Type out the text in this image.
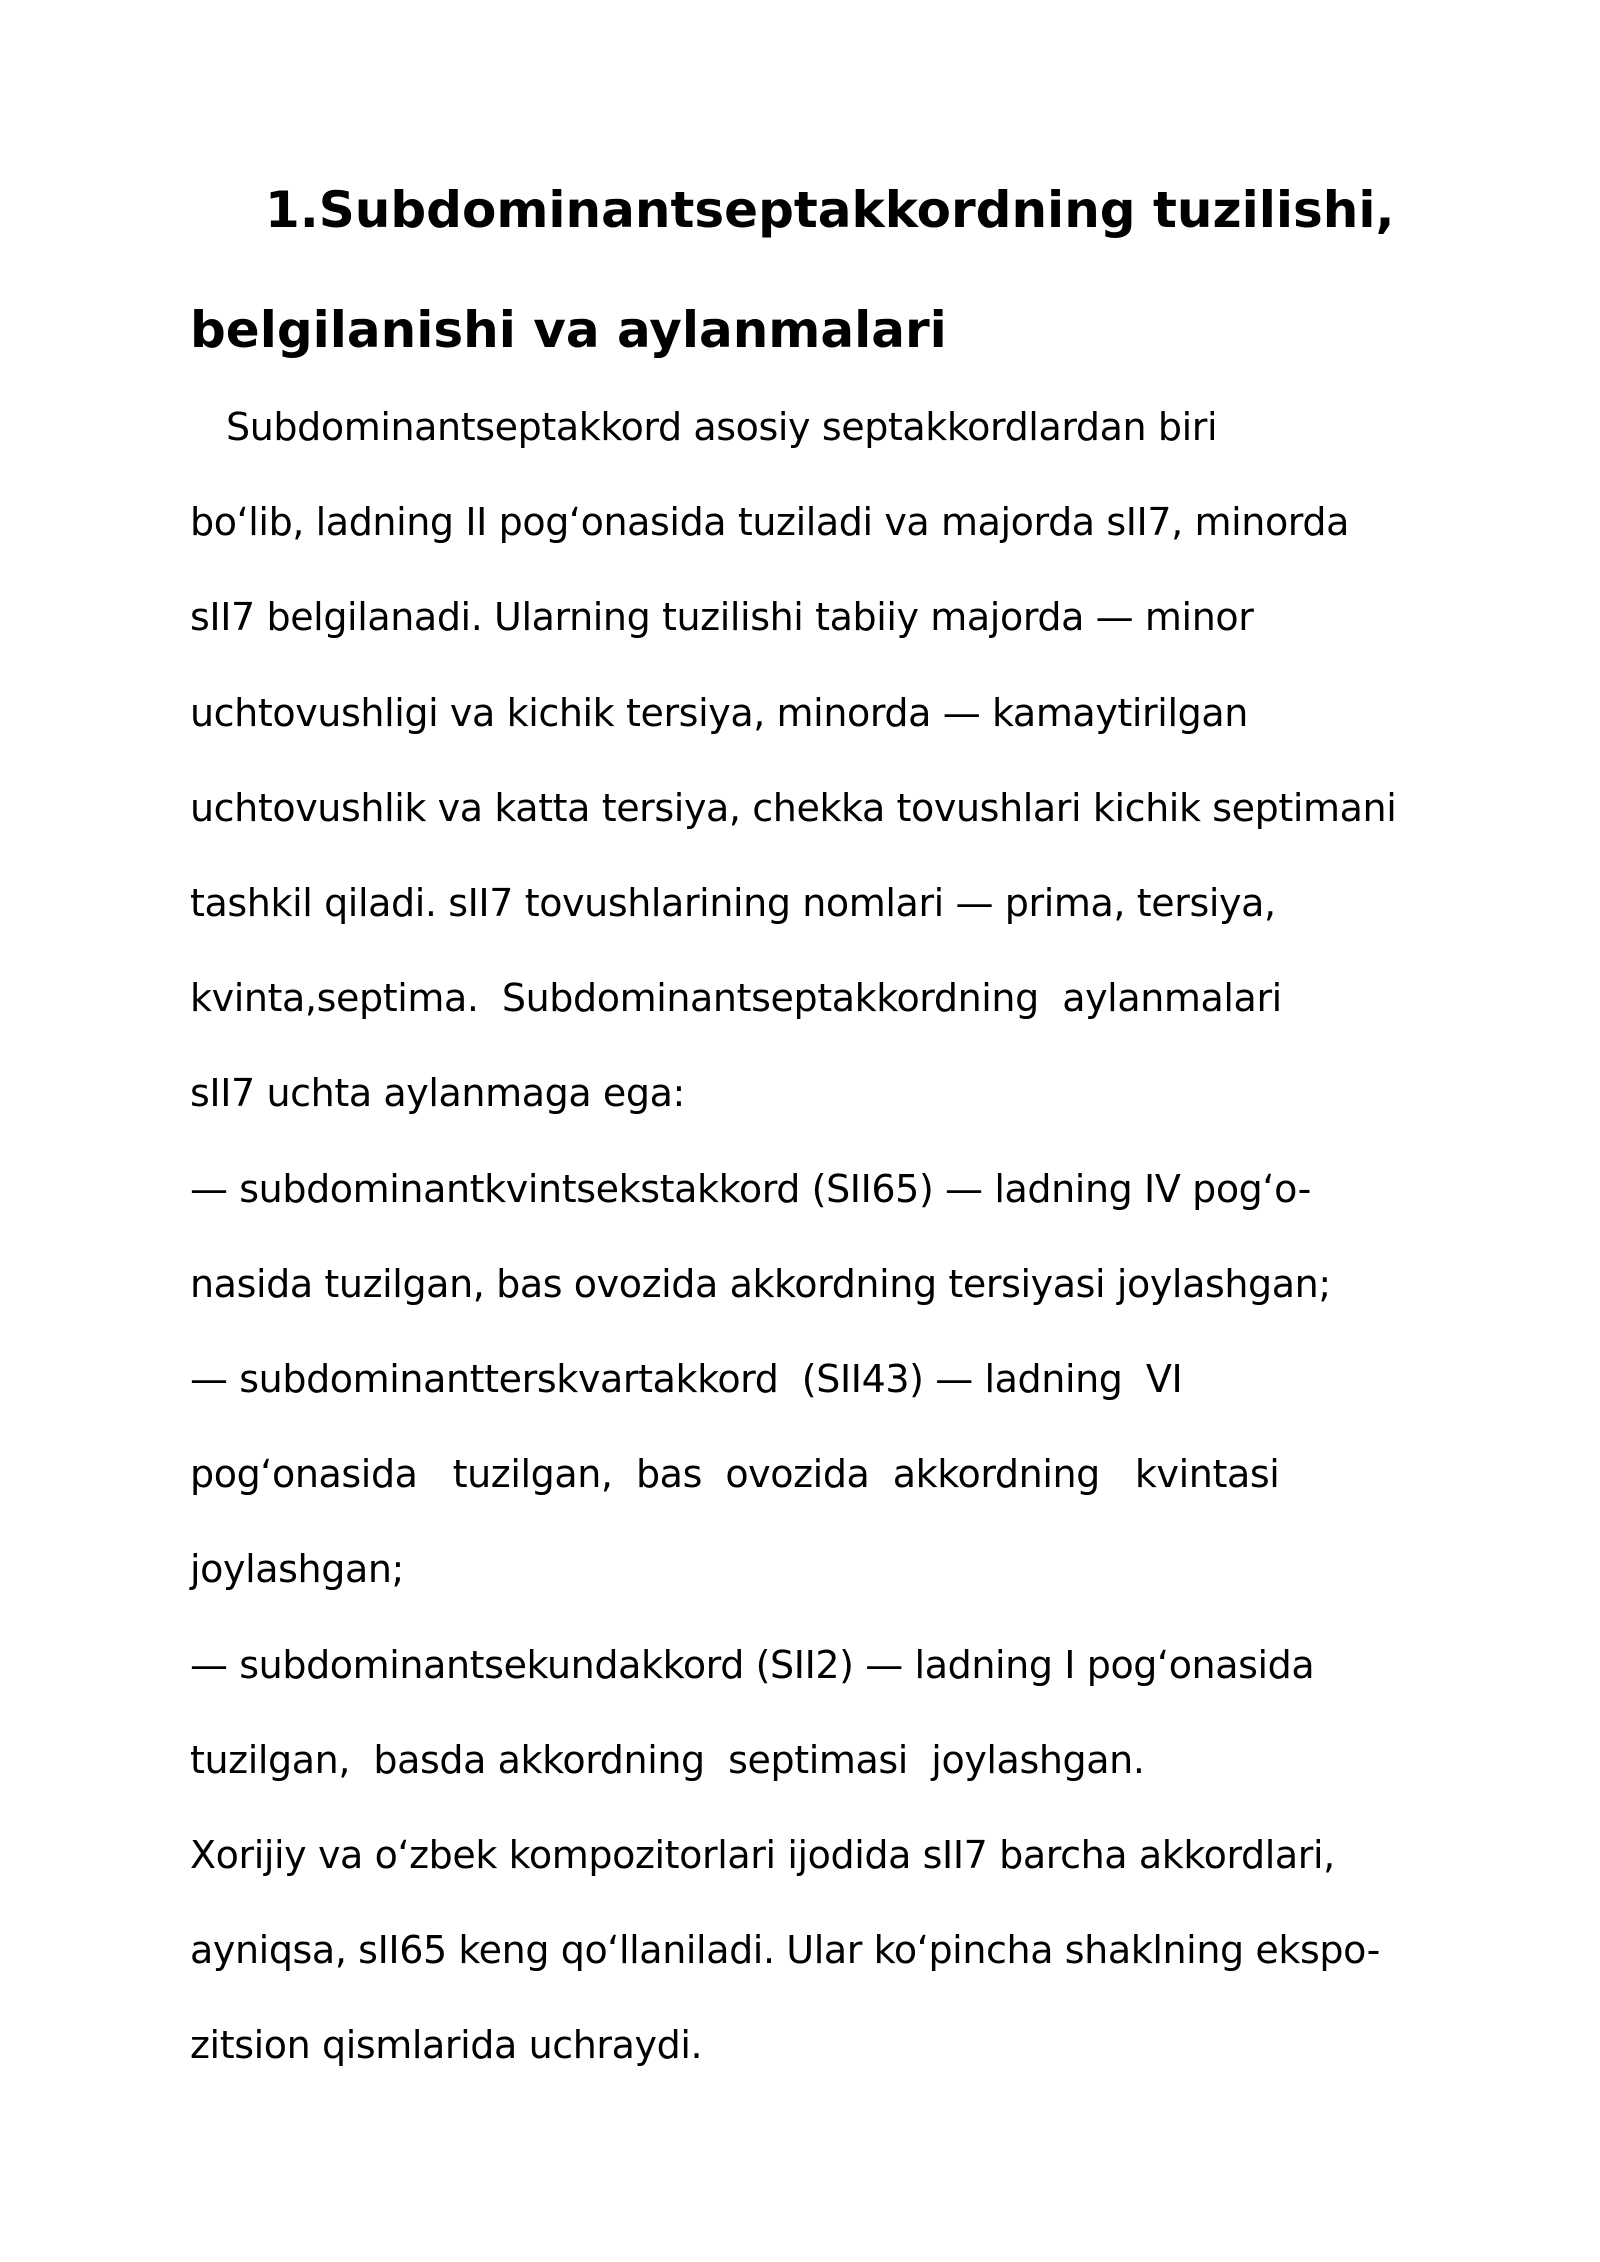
1.Subdominantseptakkordning tuzilishi,
belgilanishi va aylanmalari
Subdominantseptakkord asosiy septakkordlardan biri
bo‘lib, ladning II pog‘onasida tuziladi va majorda sII7, minorda
sII7 belgilanadi. Ularning tuzilishi tabiiy majorda — minor
uchtovushligi va kichik tersiya, minorda — kamaytirilgan
uchtovushlik va katta tersiya, chekka tovushlari kichik septimani
tashkil qiladi. sII7 tovushlarining nomlari — prima, tersiya,
kvinta,septima.  Subdominantseptakkordning  aylanmalari
sII7 uchta aylanmaga ega:
— subdominantkvintsekstakkord (SII65) — ladning IV pog‘o-
nasida tuzilgan, bas ovozida akkordning tersiyasi joylashgan;
— subdominantterskvartakkord  (SII43) — ladning  VI
pog‘onasida   tuzilgan,  bas  ovozida  akkordning   kvintasi
joylashgan;
— subdominantsekundakkord (SII2) — ladning I pog‘onasida
tuzilgan,  basda akkordning  septimasi  joylashgan.
Xorijiy va o‘zbek kompozitorlari ijodida sII7 barcha akkordlari,
ayniqsa, sII65 keng qo‘llaniladi. Ular ko‘pincha shaklning ekspo-
zitsion qismlarida uchraydi.
